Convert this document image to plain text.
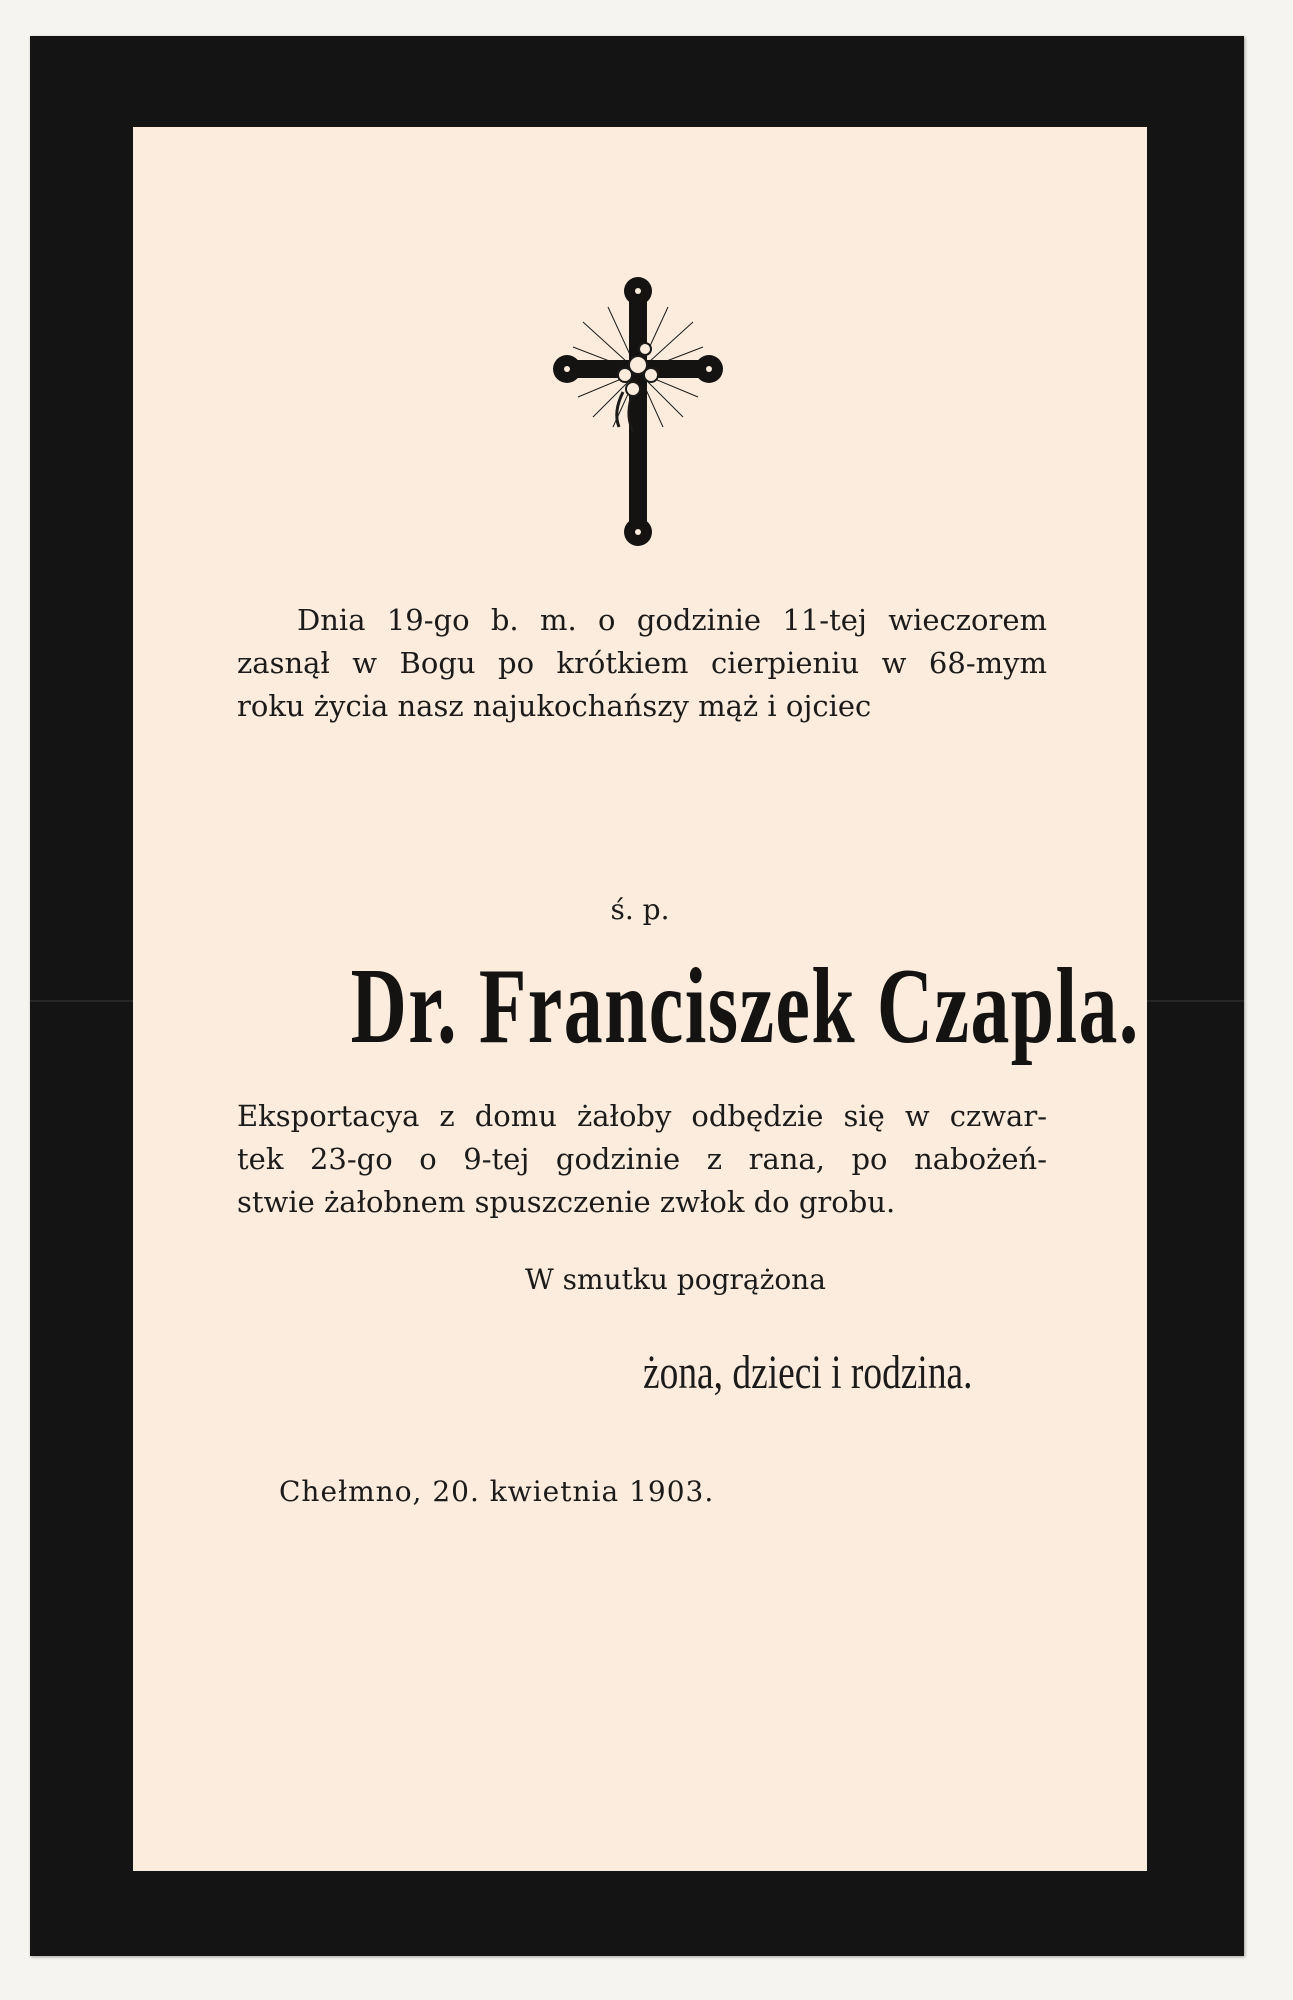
Dnia 19-go b. m. o godzinie 11-tej wieczorem
zasnął w Bogu po krótkiem cierpieniu w 68-mym
roku życia nasz najukochańszy mąż i ojciec
ś. p.
Dr. Franciszek Czapla.
Eksportacya z domu żałoby odbędzie się w czwar-
tek 23-go o 9-tej godzinie z rana, po nabożeń-
stwie żałobnem spuszczenie zwłok do grobu.
W smutku pogrążona
żona, dzieci i rodzina.
Chełmno, 20. kwietnia 1903.
